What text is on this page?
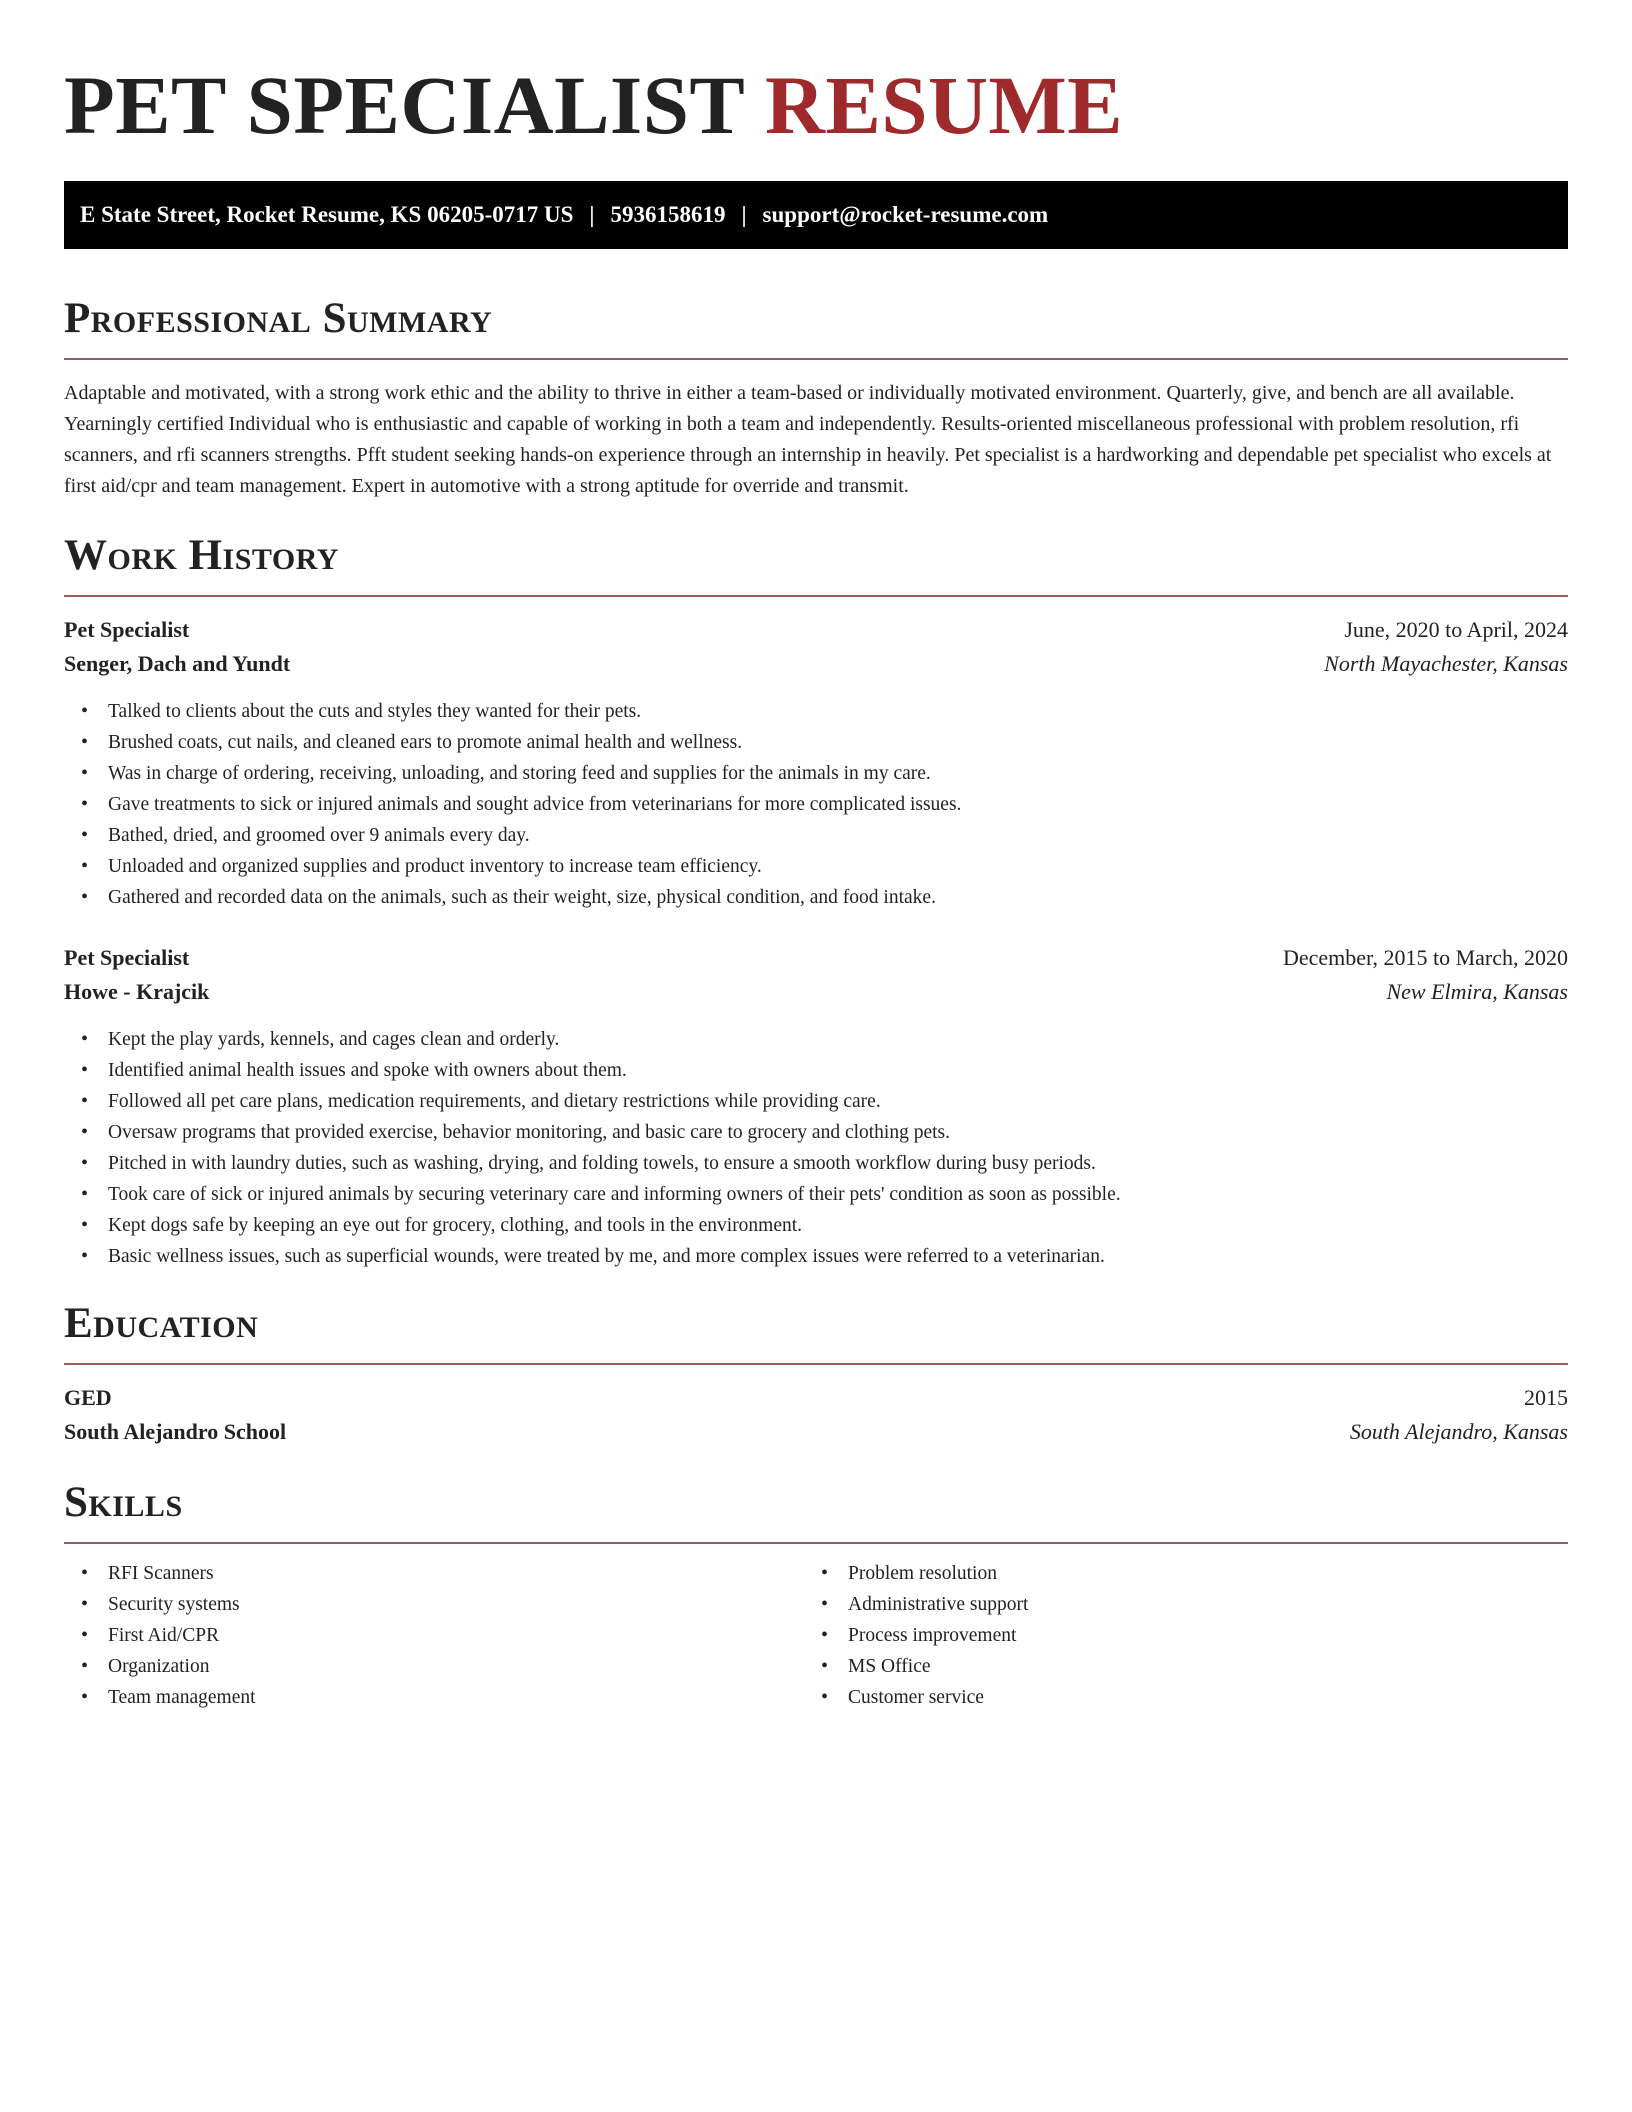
PET SPECIALIST RESUME
E State Street, Rocket Resume, KS 06205-0717 US | 5936158619 | support@rocket-resume.com
Professional Summary

Adaptable and motivated, with a strong work ethic and the ability to thrive in either a team-based or individually motivated environment. Quarterly, give, and bench are all available. Yearningly certified Individual who is enthusiastic and capable of working in both a team and independently. Results-oriented miscellaneous professional with problem resolution, rfi scanners, and rfi scanners strengths. Pfft student seeking hands-on experience through an internship in heavily. Pet specialist is a hardworking and dependable pet specialist who excels at first aid/cpr and team management. Expert in automotive with a strong aptitude for override and transmit.

Work History
Pet Specialist	June, 2020 to April, 2024
Senger, Dach and Yundt	North Mayachester, Kansas
• Talked to clients about the cuts and styles they wanted for their pets.
• Brushed coats, cut nails, and cleaned ears to promote animal health and wellness.
• Was in charge of ordering, receiving, unloading, and storing feed and supplies for the animals in my care.
• Gave treatments to sick or injured animals and sought advice from veterinarians for more complicated issues.
• Bathed, dried, and groomed over 9 animals every day.
• Unloaded and organized supplies and product inventory to increase team efficiency.
• Gathered and recorded data on the animals, such as their weight, size, physical condition, and food intake.
Pet Specialist	December, 2015 to March, 2020
Howe - Krajcik	New Elmira, Kansas
• Kept the play yards, kennels, and cages clean and orderly.
• Identified animal health issues and spoke with owners about them.
• Followed all pet care plans, medication requirements, and dietary restrictions while providing care.
• Oversaw programs that provided exercise, behavior monitoring, and basic care to grocery and clothing pets.
• Pitched in with laundry duties, such as washing, drying, and folding towels, to ensure a smooth workflow during busy periods.
• Took care of sick or injured animals by securing veterinary care and informing owners of their pets' condition as soon as possible.
• Kept dogs safe by keeping an eye out for grocery, clothing, and tools in the environment.
• Basic wellness issues, such as superficial wounds, were treated by me, and more complex issues were referred to a veterinarian.
Education
GED	2015
South Alejandro School	South Alejandro, Kansas
Skills
• RFI Scanners
• Security systems
• First Aid/CPR
• Organization
• Team management
• Problem resolution
• Administrative support
• Process improvement
• MS Office
• Customer service
